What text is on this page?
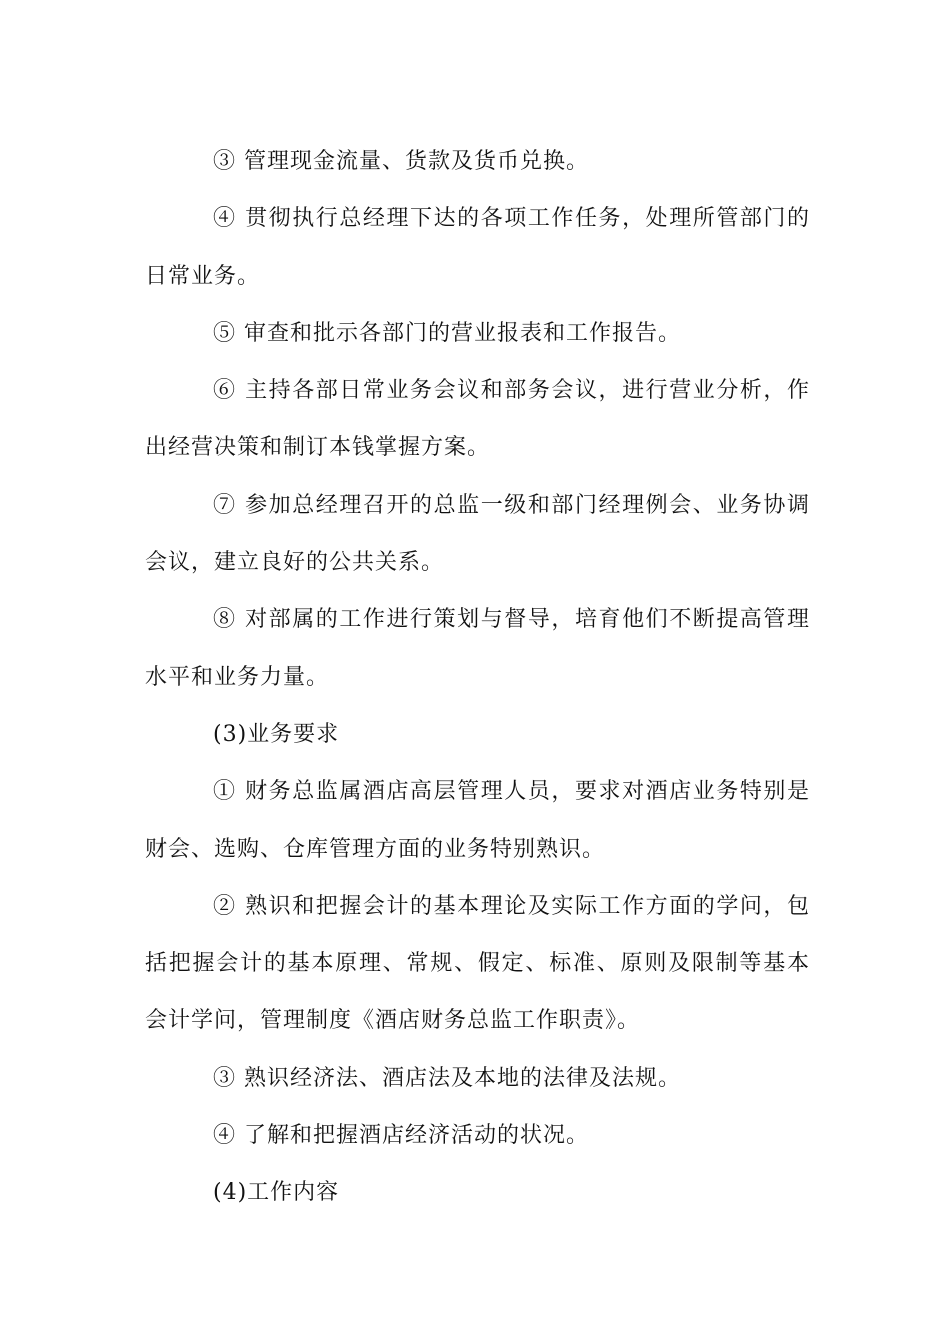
③ 管理现金流量、货款及货币兑换。

④ 贯彻执行总经理下达的各项工作任务，处理所管部门的日常业务。

⑤ 审查和批示各部门的营业报表和工作报告。

⑥ 主持各部日常业务会议和部务会议，进行营业分析，作出经营决策和制订本钱掌握方案。

⑦ 参加总经理召开的总监一级和部门经理例会、业务协调会议，建立良好的公共关系。

⑧ 对部属的工作进行策划与督导，培育他们不断提高管理水平和业务力量。

(3)业务要求

① 财务总监属酒店高层管理人员，要求对酒店业务特别是财会、选购、仓库管理方面的业务特别熟识。

② 熟识和把握会计的基本理论及实际工作方面的学问，包括把握会计的基本原理、常规、假定、标准、原则及限制等基本会计学问，管理制度《酒店财务总监工作职责》。

③ 熟识经济法、酒店法及本地的法律及法规。

④ 了解和把握酒店经济活动的状况。

(4)工作内容
